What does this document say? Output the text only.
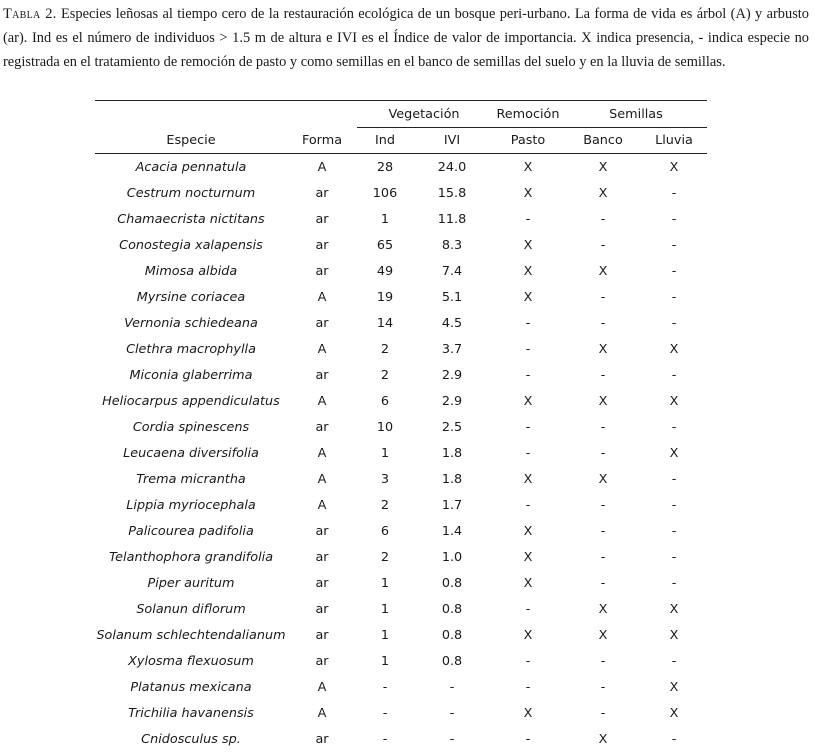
Tabla 2. Especies leñosas al tiempo cero de la restauración ecológica de un bosque peri-urbano. La forma de vida es árbol (A) y arbusto (ar). Ind es el número de individuos > 1.5 m de altura e IVI es el Índice de valor de importancia. X indica presencia, - indica especie no registrada en el tratamiento de remoción de pasto y como semillas en el banco de semillas del suelo y en la lluvia de semillas.

		Vegetación		Remoción	Semillas	
Especie	Forma	Ind	IVI	Pasto	Banco	Lluvia
Acacia pennatula	A	28	24.0	X	X	X
Cestrum nocturnum	ar	106	15.8	X	X	-
Chamaecrista nictitans	ar	1	11.8	-	-	-
Conostegia xalapensis	ar	65	8.3	X	-	-
Mimosa albida	ar	49	7.4	X	X	-
Myrsine coriacea	A	19	5.1	X	-	-
Vernonia schiedeana	ar	14	4.5	-	-	-
Clethra macrophylla	A	2	3.7	-	X	X
Miconia glaberrima	ar	2	2.9	-	-	-
Heliocarpus appendiculatus	A	6	2.9	X	X	X
Cordia spinescens	ar	10	2.5	-	-	-
Leucaena diversifolia	A	1	1.8	-	-	X
Trema micrantha	A	3	1.8	X	X	-
Lippia myriocephala	A	2	1.7	-	-	-
Palicourea padifolia	ar	6	1.4	X	-	-
Telanthophora grandifolia	ar	2	1.0	X	-	-
Piper auritum	ar	1	0.8	X	-	-
Solanun diflorum	ar	1	0.8	-	X	X
Solanum schlechtendalianum	ar	1	0.8	X	X	X
Xylosma flexuosum	ar	1	0.8	-	-	-
Platanus mexicana	A	-	-	-	-	X
Trichilia havanensis	A	-	-	X	-	X
Cnidosculus sp.	ar	-	-	-	X	-
